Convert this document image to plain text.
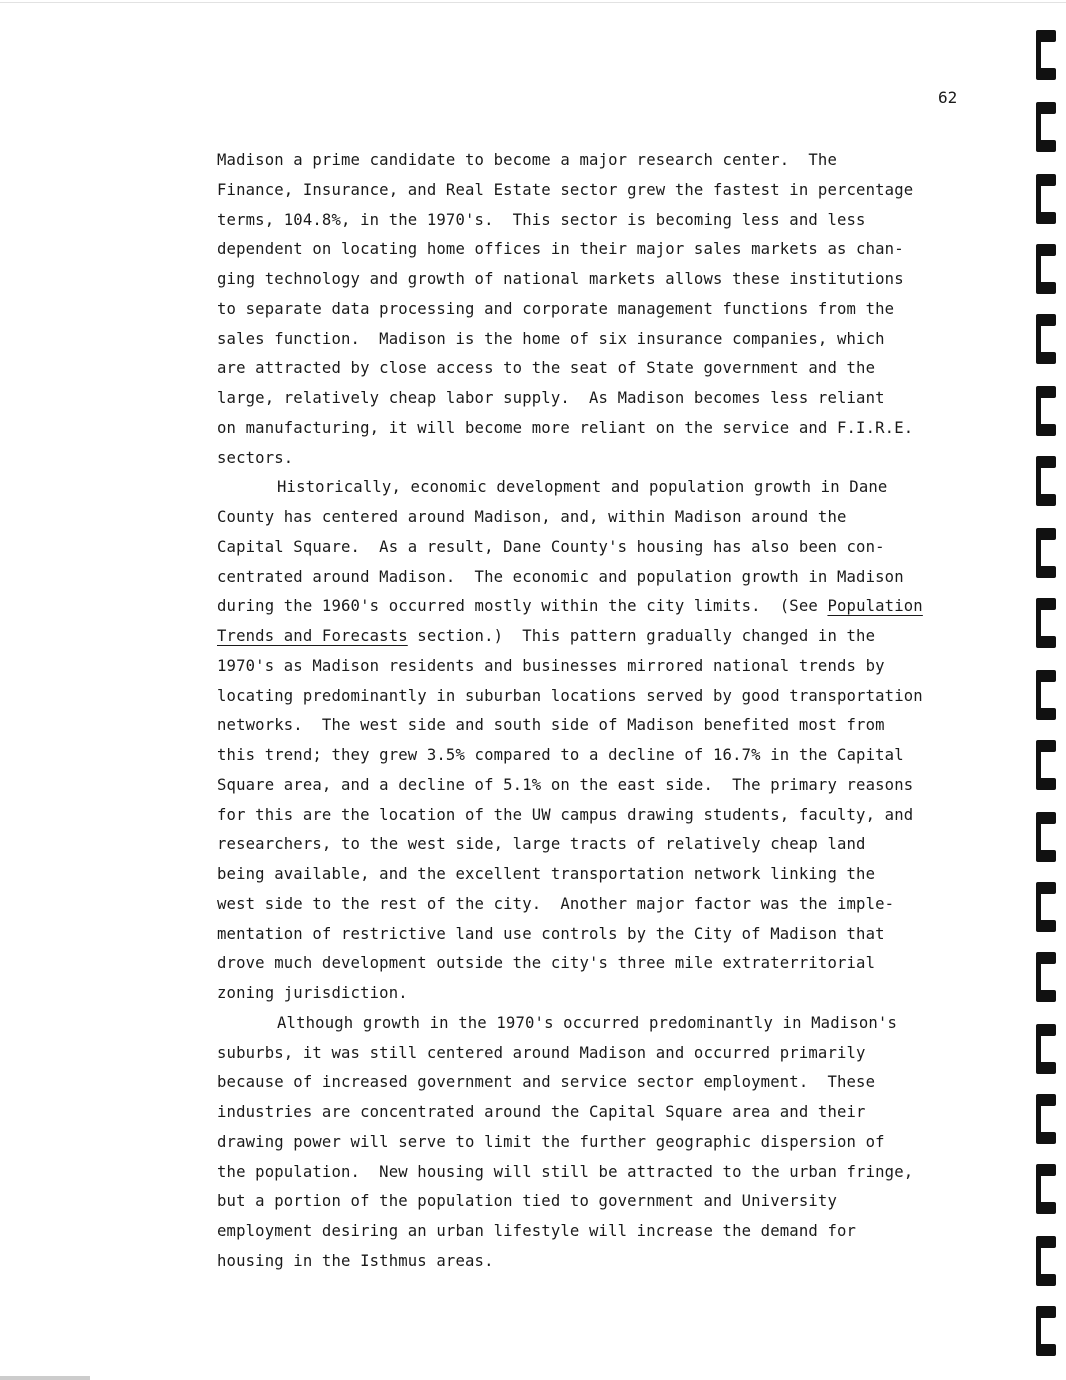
62
Madison a prime candidate to become a major research center.  The
Finance, Insurance, and Real Estate sector grew the fastest in percentage
terms, 104.8%, in the 1970's.  This sector is becoming less and less
dependent on locating home offices in their major sales markets as chan-
ging technology and growth of national markets allows these institutions
to separate data processing and corporate management functions from the
sales function.  Madison is the home of six insurance companies, which
are attracted by close access to the seat of State government and the
large, relatively cheap labor supply.  As Madison becomes less reliant
on manufacturing, it will become more reliant on the service and F.I.R.E.
sectors.
Historically, economic development and population growth in Dane
County has centered around Madison, and, within Madison around the
Capital Square.  As a result, Dane County's housing has also been con-
centrated around Madison.  The economic and population growth in Madison
during the 1960's occurred mostly within the city limits.  (See Population
Trends and Forecasts section.)  This pattern gradually changed in the
1970's as Madison residents and businesses mirrored national trends by
locating predominantly in suburban locations served by good transportation
networks.  The west side and south side of Madison benefited most from
this trend; they grew 3.5% compared to a decline of 16.7% in the Capital
Square area, and a decline of 5.1% on the east side.  The primary reasons
for this are the location of the UW campus drawing students, faculty, and
researchers, to the west side, large tracts of relatively cheap land
being available, and the excellent transportation network linking the
west side to the rest of the city.  Another major factor was the imple-
mentation of restrictive land use controls by the City of Madison that
drove much development outside the city's three mile extraterritorial
zoning jurisdiction.
Although growth in the 1970's occurred predominantly in Madison's
suburbs, it was still centered around Madison and occurred primarily
because of increased government and service sector employment.  These
industries are concentrated around the Capital Square area and their
drawing power will serve to limit the further geographic dispersion of
the population.  New housing will still be attracted to the urban fringe,
but a portion of the population tied to government and University
employment desiring an urban lifestyle will increase the demand for
housing in the Isthmus areas.
